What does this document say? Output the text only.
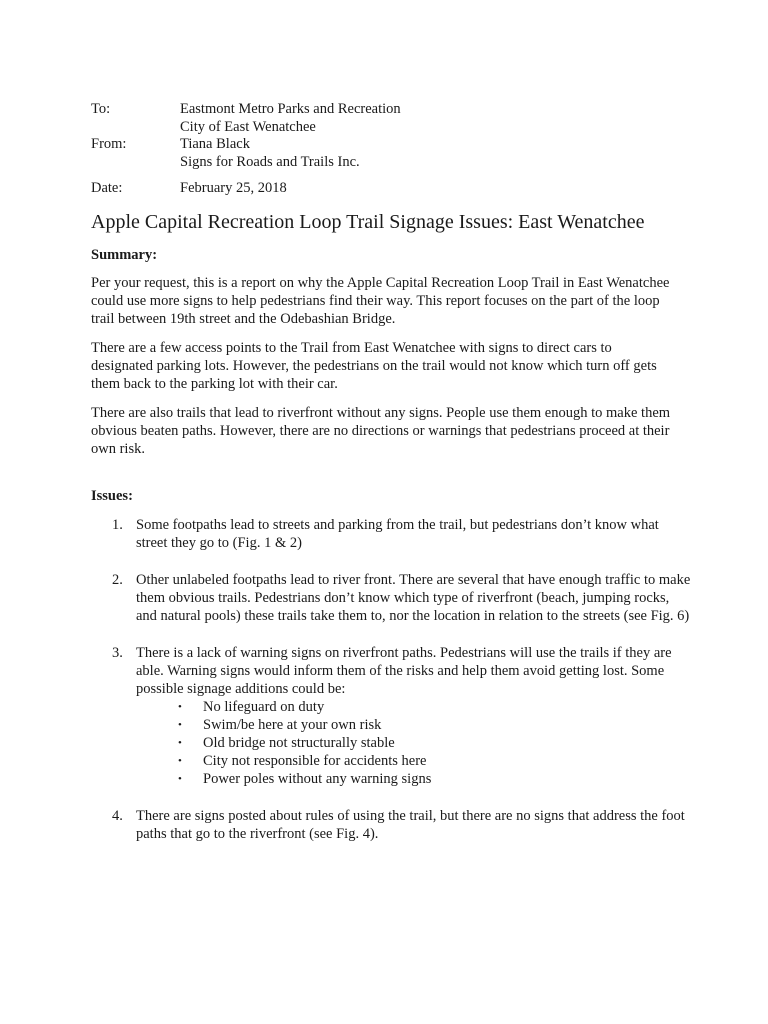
To:	Eastmont Metro Parks and Recreation
City of East Wenatchee
From:	Tiana Black
Signs for Roads and Trails Inc.
Date:	February 25, 2018
Apple Capital Recreation Loop Trail Signage Issues: East Wenatchee
Summary:

Per your request, this is a report on why the Apple Capital Recreation Loop Trail in East Wenatchee could use more signs to help pedestrians find their way. This report focuses on the part of the loop trail between 19th street and the Odebashian Bridge.

There are a few access points to the Trail from East Wenatchee with signs to direct cars to designated parking lots. However, the pedestrians on the trail would not know which turn off gets them back to the parking lot with their car.

There are also trails that lead to riverfront without any signs. People use them enough to make them obvious beaten paths. However, there are no directions or warnings that pedestrians proceed at their own risk.

Issues:
1. Some footpaths lead to streets and parking from the trail, but pedestrians don’t know what street they go to (Fig. 1 & 2)
2. Other unlabeled footpaths lead to river front. There are several that have enough traffic to make them obvious trails. Pedestrians don’t know which type of riverfront (beach, jumping rocks, and natural pools) these trails take them to, nor the location in relation to the streets (see Fig. 6)
3. There is a lack of warning signs on riverfront paths. Pedestrians will use the trails if they are able. Warning signs would inform them of the risks and help them avoid getting lost. Some possible signage additions could be:
•	No lifeguard on duty
•	Swim/be here at your own risk
•	Old bridge not structurally stable
•	City not responsible for accidents here
•	Power poles without any warning signs
4. There are signs posted about rules of using the trail, but there are no signs that address the foot paths that go to the riverfront (see Fig. 4).
